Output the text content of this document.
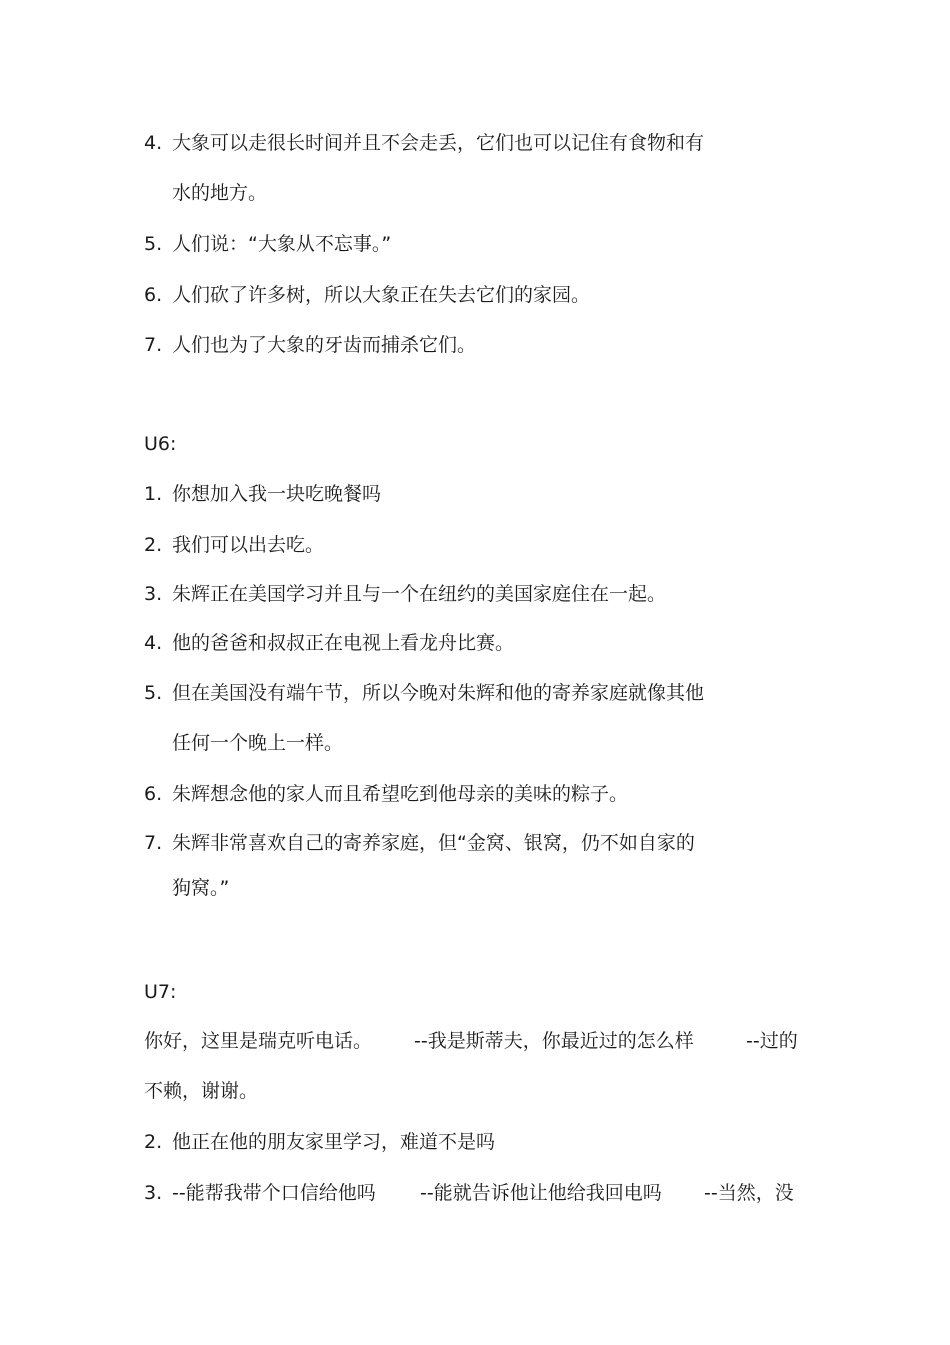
4. 大象可以走很长时间并且不会走丢，它们也可以记住有食物和有
水的地方。
5. 人们说：“大象从不忘事。”
6. 人们砍了许多树，所以大象正在失去它们的家园。
7. 人们也为了大象的牙齿而捕杀它们。
U6:
1. 你想加入我一块吃晚餐吗
2. 我们可以出去吃。
3. 朱辉正在美国学习并且与一个在纽约的美国家庭住在一起。
4. 他的爸爸和叔叔正在电视上看龙舟比赛。
5. 但在美国没有端午节，所以今晚对朱辉和他的寄养家庭就像其他
任何一个晚上一样。
6. 朱辉想念他的家人而且希望吃到他母亲的美味的粽子。
7. 朱辉非常喜欢自己的寄养家庭，但“金窝、银窝，仍不如自家的
狗窝。”
U7:
你好，这里是瑞克听电话。 --我是斯蒂夫，你最近过的怎么样	--过的
不赖，谢谢。
2. 他正在他的朋友家里学习，难道不是吗
3. --能帮我带个口信给他吗 --能就告诉他让他给我回电吗 --当然，没
